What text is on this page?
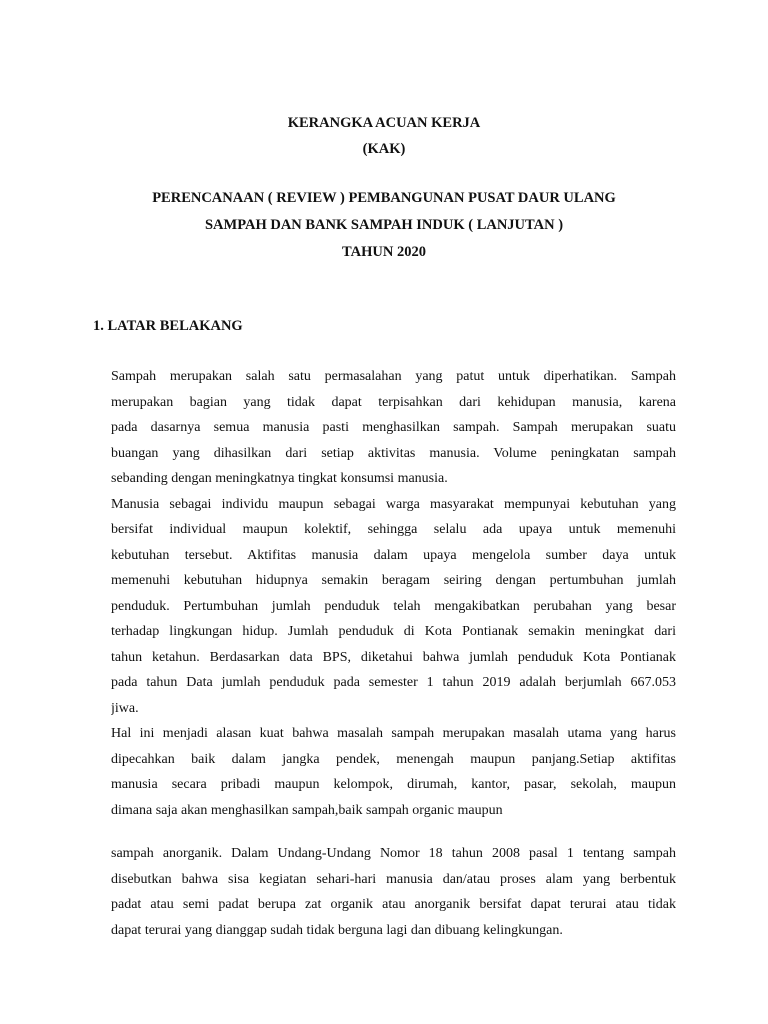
KERANGKA ACUAN KERJA
(KAK)
PERENCANAAN ( REVIEW ) PEMBANGUNAN PUSAT DAUR ULANG
SAMPAH DAN BANK SAMPAH INDUK ( LANJUTAN )
TAHUN 2020
1. LATAR BELAKANG
Sampah merupakan salah satu permasalahan yang patut untuk diperhatikan. Sampah
merupakan bagian yang tidak dapat terpisahkan dari kehidupan manusia, karena
pada dasarnya semua manusia pasti menghasilkan sampah. Sampah merupakan suatu
buangan yang dihasilkan dari setiap aktivitas manusia. Volume peningkatan sampah
sebanding dengan meningkatnya tingkat konsumsi manusia.
Manusia sebagai individu maupun sebagai warga masyarakat mempunyai kebutuhan yang
bersifat individual maupun kolektif, sehingga selalu ada upaya untuk memenuhi
kebutuhan tersebut. Aktifitas manusia dalam upaya mengelola sumber daya untuk
memenuhi kebutuhan hidupnya semakin beragam seiring dengan pertumbuhan jumlah
penduduk. Pertumbuhan jumlah penduduk telah mengakibatkan perubahan yang besar
terhadap lingkungan hidup. Jumlah penduduk di Kota Pontianak semakin meningkat dari
tahun ketahun. Berdasarkan data BPS, diketahui bahwa jumlah penduduk Kota Pontianak
pada tahun Data jumlah penduduk pada semester 1 tahun 2019 adalah berjumlah 667.053
jiwa.
Hal ini menjadi alasan kuat bahwa masalah sampah merupakan masalah utama yang harus
dipecahkan baik dalam jangka pendek, menengah maupun panjang.Setiap aktifitas
manusia secara pribadi maupun kelompok, dirumah, kantor, pasar, sekolah, maupun
dimana saja akan menghasilkan sampah,baik sampah organic maupun
sampah anorganik. Dalam Undang-Undang Nomor 18 tahun 2008 pasal 1 tentang sampah
disebutkan bahwa sisa kegiatan sehari-hari manusia dan/atau proses alam yang berbentuk
padat atau semi padat berupa zat organik atau anorganik bersifat dapat terurai atau tidak
dapat terurai yang dianggap sudah tidak berguna lagi dan dibuang kelingkungan.
